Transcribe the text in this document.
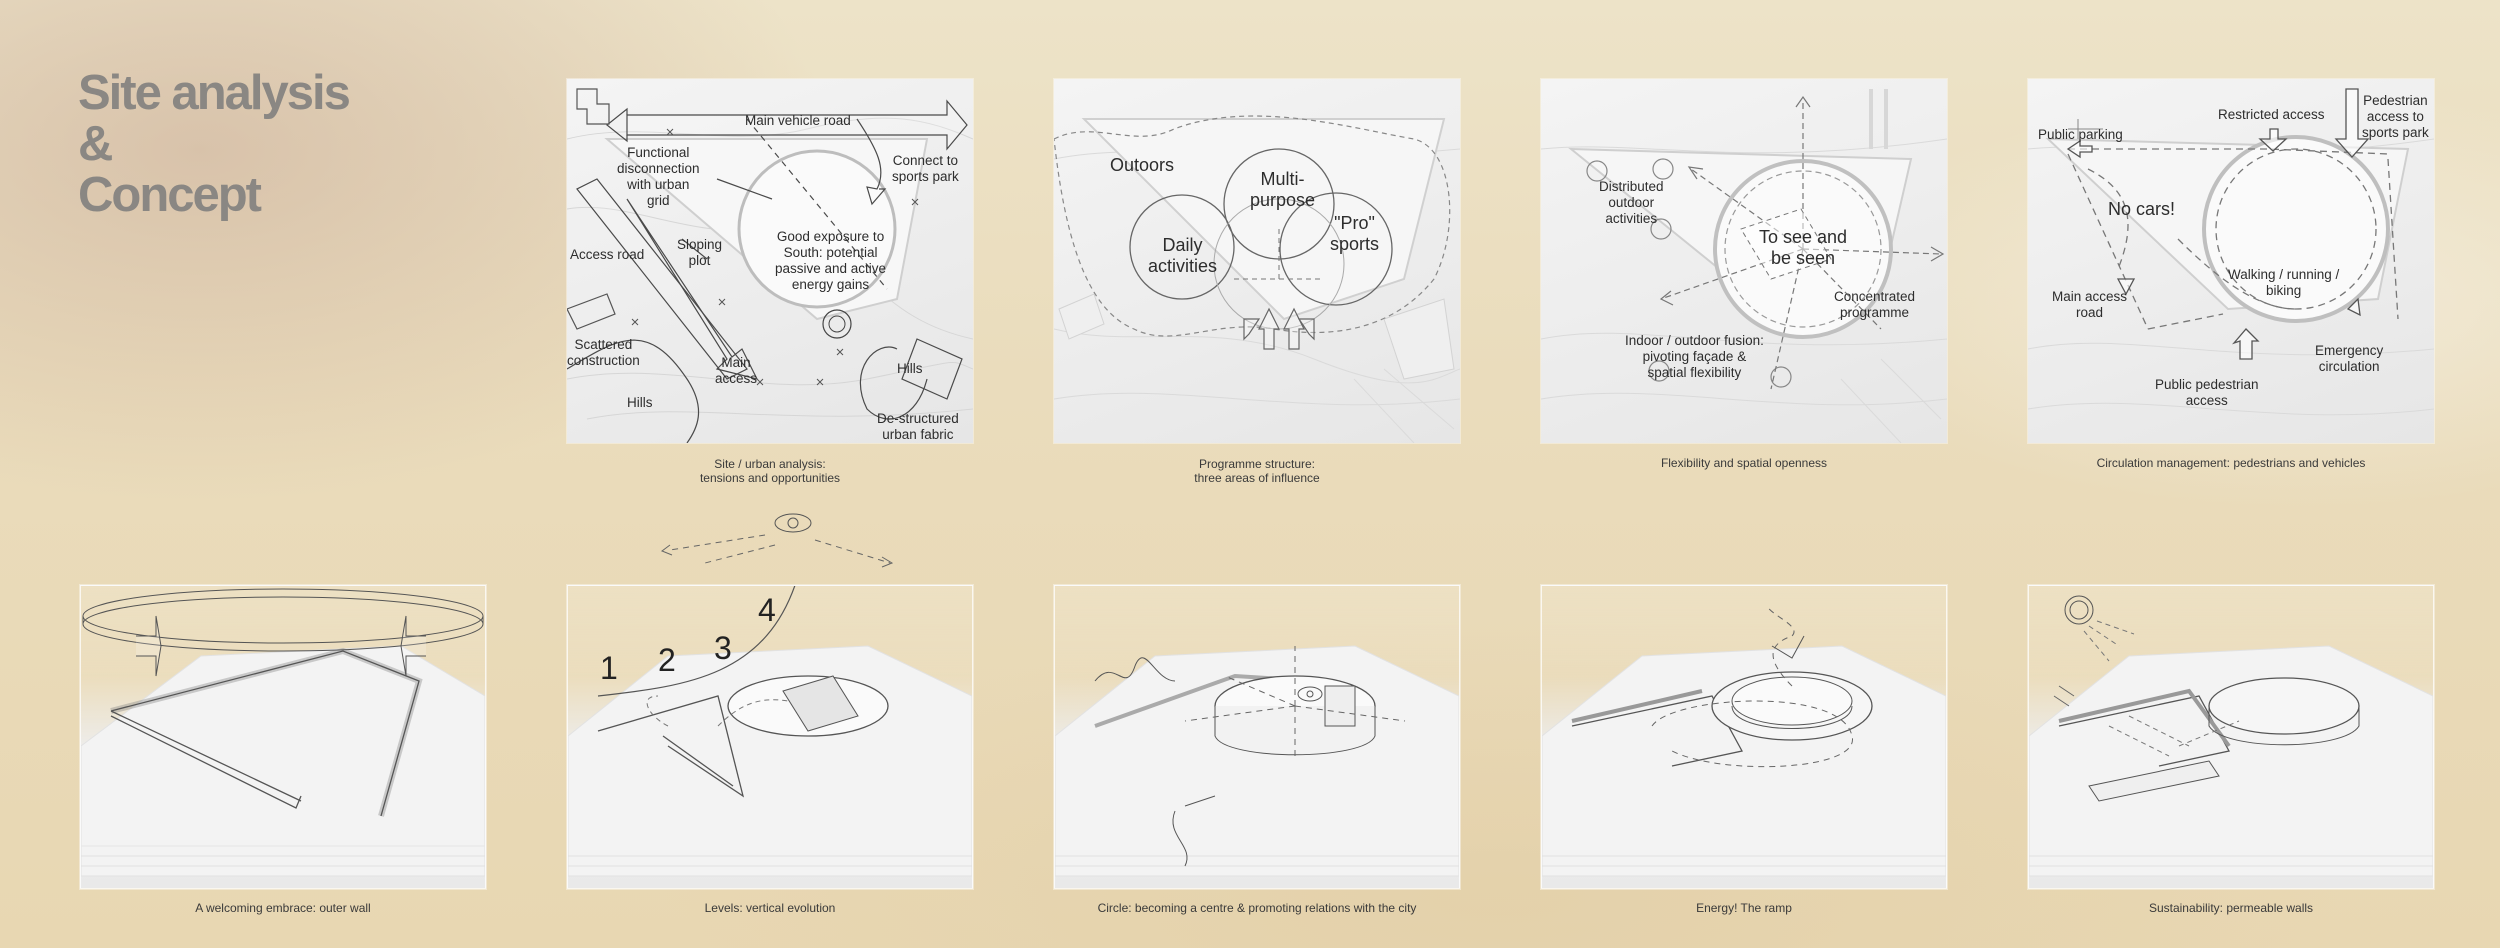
Site analysis
&
Concept
Main vehicle road
Functional
disconnection
with urban
grid
Connect to
sports park
Access road
Sloping
plot
Good exposure to
South: potential
passive and active
energy gains
Scattered
construction	Main
access
Hills
Hills
De-structured
urban fabric
Site / urban analysis:
tensions and opportunities
Outoors
Multi-
purpose
Daily
activities
"Pro"
sports
Programme structure:
three areas of influence
Distributed
outdoor
activities
To see and
be seen
Concentrated
programme
Indoor / outdoor fusion:
pivoting façade &
spatial flexibility
Flexibility and spatial openness
Public parking
Restricted access
Pedestrian
access to
sports park
No cars!
Main access
road
Walking / running /
biking
Emergency
circulation
Public pedestrian
access
Circulation management: pedestrians and vehicles
A welcoming embrace: outer wall
1 2 3
4
Levels: vertical evolution	Circle: becoming a centre & promoting relations with the city	Energy! The ramp	Sustainability: permeable walls
